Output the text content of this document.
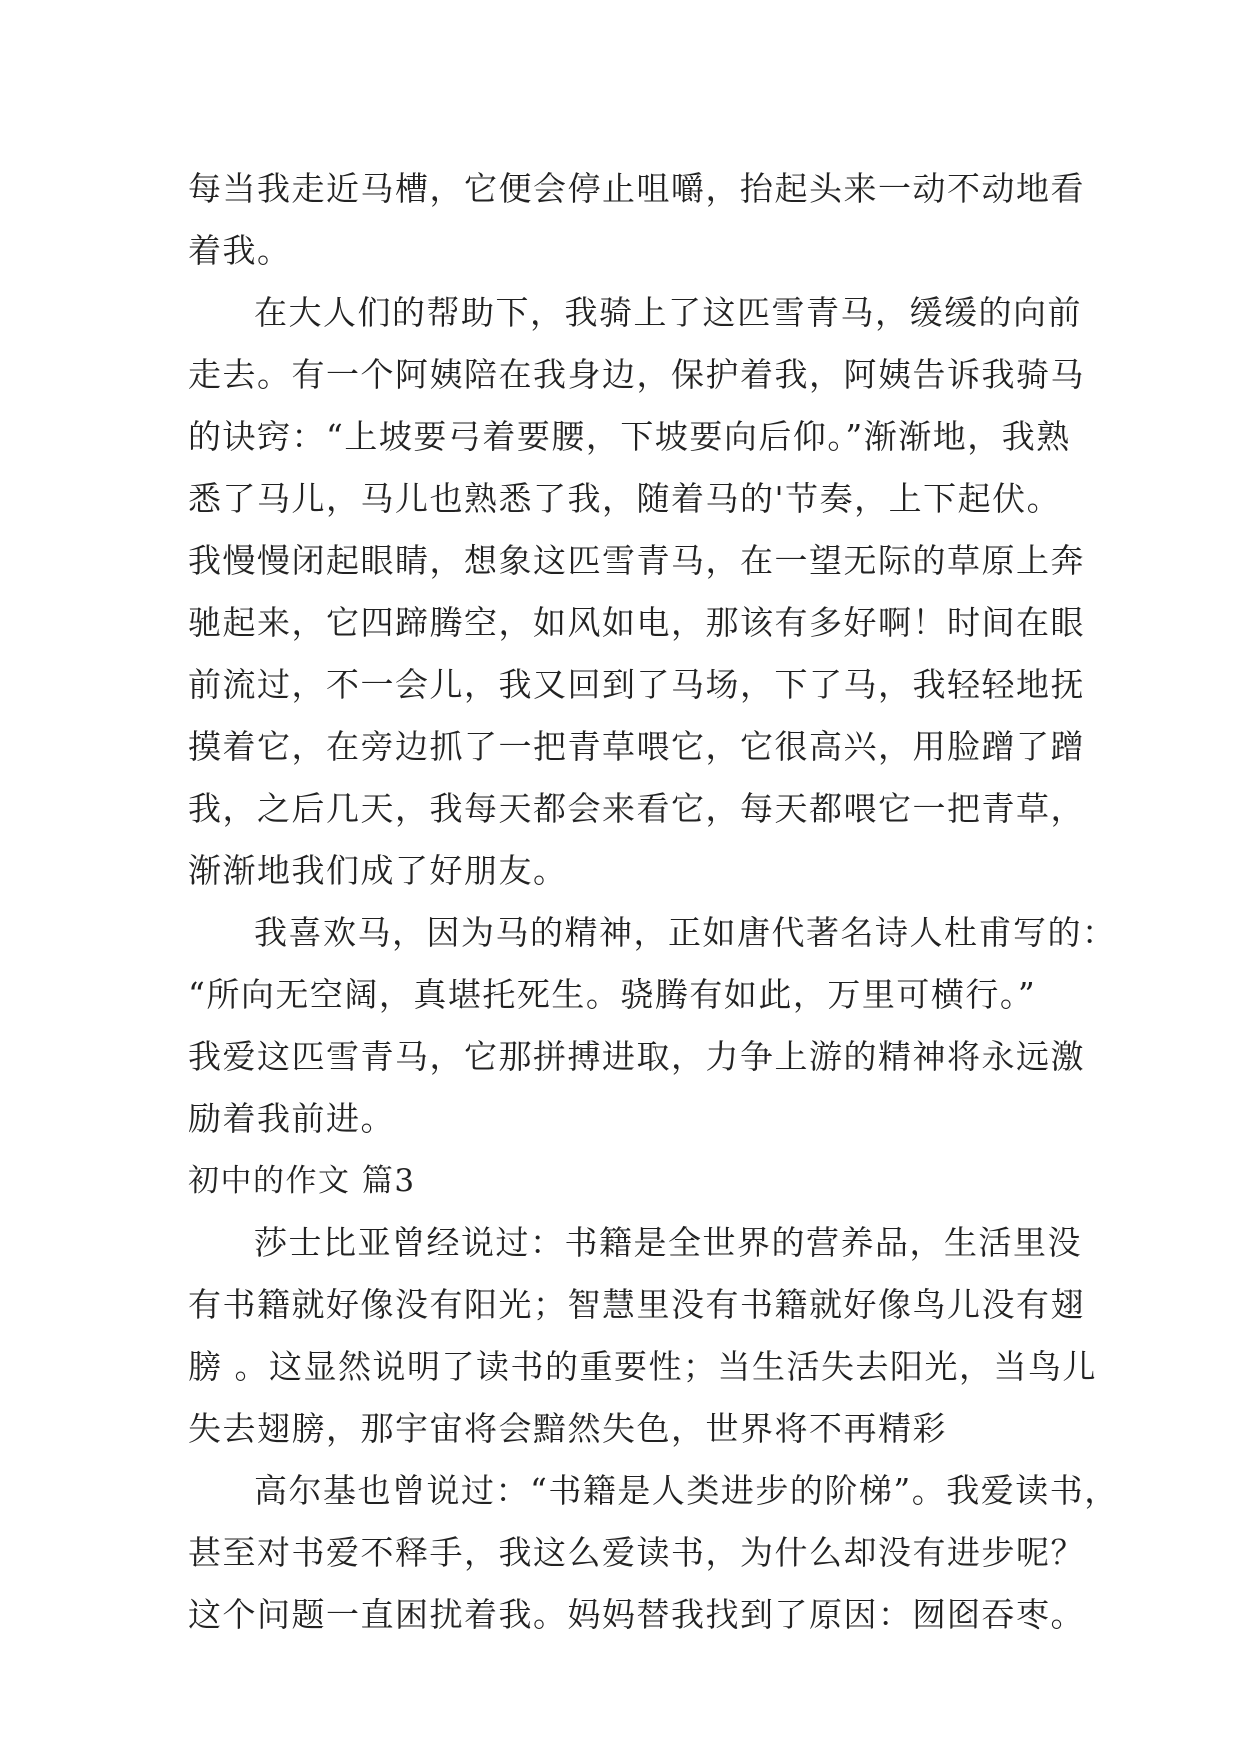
每当我走近马槽，它便会停止咀嚼，抬起头来一动不动地看
着我。
在大人们的帮助下，我骑上了这匹雪青马，缓缓的向前
走去。有一个阿姨陪在我身边，保护着我，阿姨告诉我骑马
的诀窍：“上坡要弓着要腰，下坡要向后仰。”渐渐地，我熟
悉了马儿，马儿也熟悉了我，随着马的'节奏，上下起伏。
我慢慢闭起眼睛，想象这匹雪青马，在一望无际的草原上奔
驰起来，它四蹄腾空，如风如电，那该有多好啊！时间在眼
前流过，不一会儿，我又回到了马场，下了马，我轻轻地抚
摸着它，在旁边抓了一把青草喂它，它很高兴，用脸蹭了蹭
我，之后几天，我每天都会来看它，每天都喂它一把青草，
渐渐地我们成了好朋友。
我喜欢马，因为马的精神，正如唐代著名诗人杜甫写的：
“所向无空阔，真堪托死生。骁腾有如此，万里可横行。”
我爱这匹雪青马，它那拼搏进取，力争上游的精神将永远激
励着我前进。
初中的作文 篇3
莎士比亚曾经说过：书籍是全世界的营养品，生活里没
有书籍就好像没有阳光；智慧里没有书籍就好像鸟儿没有翅
膀 。这显然说明了读书的重要性；当生活失去阳光，当鸟儿
失去翅膀，那宇宙将会黯然失色，世界将不再精彩
高尔基也曾说过：“书籍是人类进步的阶梯”。我爱读书，
甚至对书爱不释手，我这么爱读书，为什么却没有进步呢？
这个问题一直困扰着我。妈妈替我找到了原因：囫囵吞枣。
